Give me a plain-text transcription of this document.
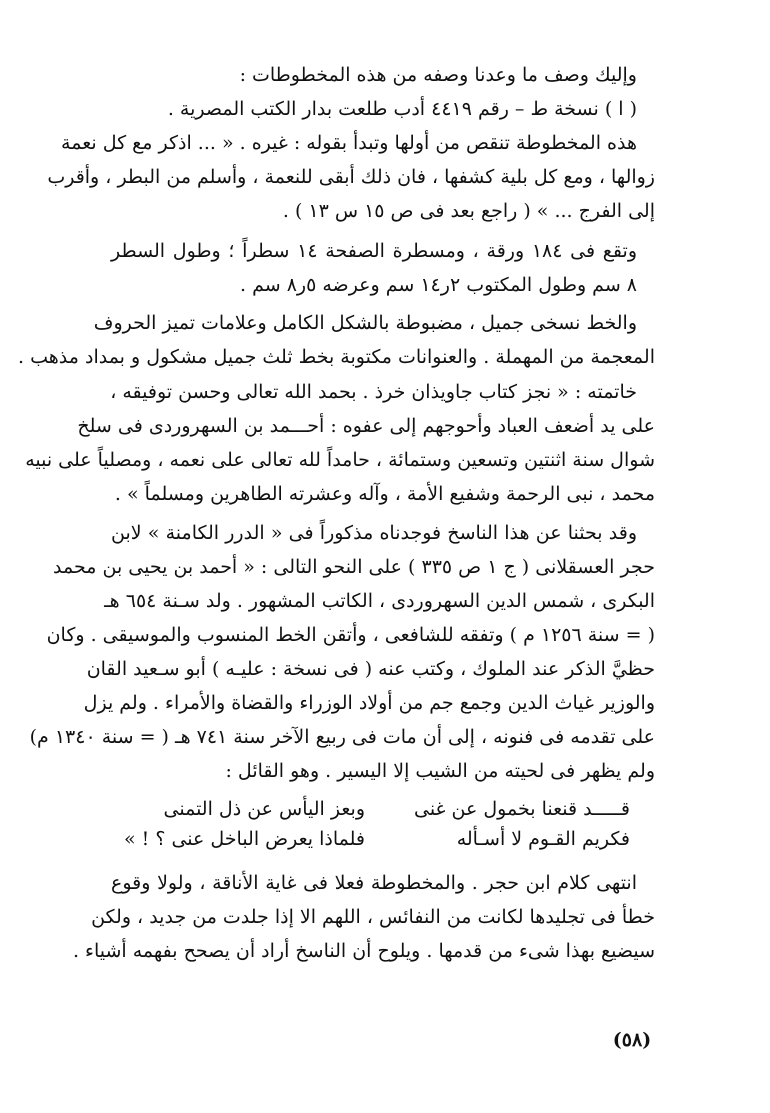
وإليك وصف ما وعدنا وصفه من هذه المخطوطات :

( ا ) نسخة ط – رقم ٤٤١٩ أدب طلعت بدار الكتب المصرية .

هذه المخطوطة تنقص من أولها وتبدأ بقوله : غيره . « ... اذكر مع كل نعمة

زوالها ، ومع كل بلية كشفها ، فان ذلك أبقى للنعمة ، وأسلم من البطر ، وأقرب

إلى الفرج ... » ( راجع بعد فى ص ١٥ س ١٣ ) .

وتقع فى ١٨٤ ورقة ، ومسطرة الصفحة ١٤ سطراً ؛ وطول السطر

٨ سم وطول المكتوب ٢ر١٤ سم وعرضه ٥ر٨ سم .

والخط نسخى جميل ، مضبوطة بالشكل الكامل وعلامات تميز الحروف

المعجمة من المهملة . والعنوانات مكتوبة بخط ثلث جميل مشكول و بمداد مذهب .

خاتمته : « نجز كتاب جاويذان خرذ . بحمد الله تعالى وحسن توفيقه ،

على يد أضعف العباد وأحوجهم إلى عفوه : أحـــمد بن السهروردى فى سلخ

شوال سنة اثنتين وتسعين وستمائة ، حامداً لله تعالى على نعمه ، ومصلياً على نبيه

محمد ، نبى الرحمة وشفيع الأمة ، وآله وعشرته الطاهرين ومسلماً » .

وقد بحثنا عن هذا الناسخ فوجدناه مذكوراً فى « الدرر الكامنة » لابن

حجر العسقلانى ( ج ١ ص ٣٣٥ ) على النحو التالى : « أحمد بن يحيى بن محمد

البكرى ، شمس الدين السهروردى ، الكاتب المشهور . ولد سـنة ٦٥٤ هـ

( = سنة ١٢٥٦ م ) وتفقه للشافعى ، وأتقن الخط المنسوب والموسيقى . وكان

حظيَّ الذكر عند الملوك ، وكتب عنه ( فى نسخة : عليـه ) أبو سـعيد القان

والوزير غياث الدين وجمع جم من أولاد الوزراء والقضاة والأمراء . ولم يزل

على تقدمه فى فنونه ، إلى أن مات فى ربيع الآخر سنة ٧٤١ هـ ( = سنة ١٣٤٠ م)

ولم يظهر فى لحيته من الشيب إلا اليسير . وهو القائل :

قـــــد قنعنا بخمول عن غنى

وبعز اليأس عن ذل التمنى

فكريم القـوم لا أسـأله

فلماذا يعرض الباخل عنى ؟ ! »

انتهى كلام ابن حجر . والمخطوطة فعلا فى غاية الأناقة ، ولولا وقوع

خطأ فى تجليدها لكانت من النفائس ، اللهم الا إذا جلدت من جديد ، ولكن

سيضيع بهذا شىء من قدمها . ويلوح أن الناسخ أراد أن يصحح بفهمه أشياء .

(٥٨)
